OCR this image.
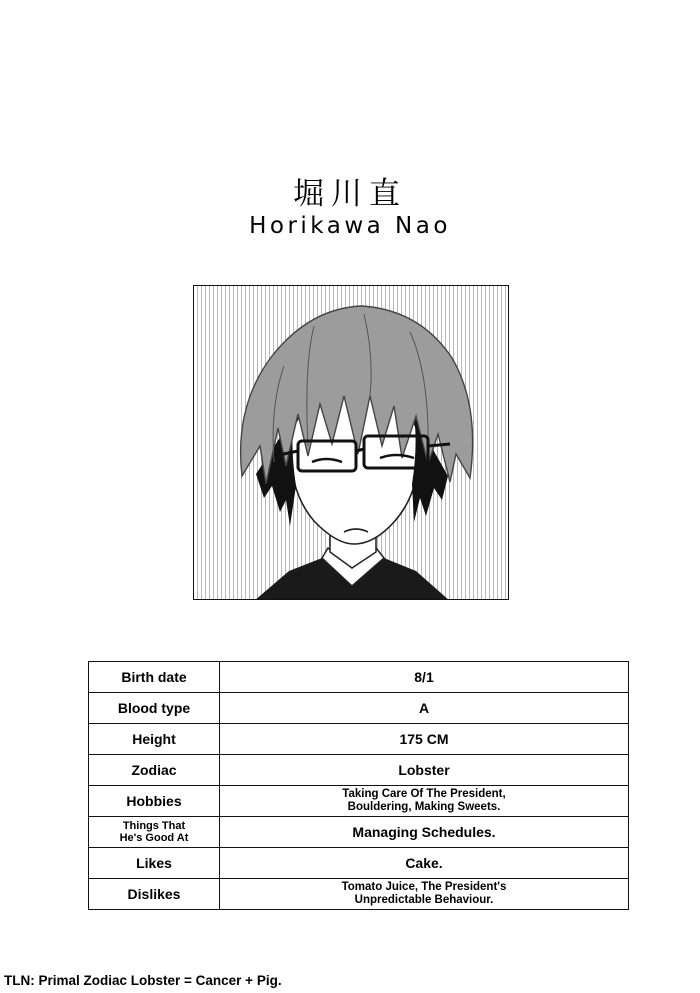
堀川直
Horikawa Nao
Birth date	8/1
Blood type	A
Height	175 CM
Zodiac	Lobster
Hobbies	Taking Care Of The President,
Bouldering, Making Sweets.
Things That
He's Good At	Managing Schedules.
Likes	Cake.
Dislikes	Tomato Juice, The President's
Unpredictable Behaviour.
TLN: Primal Zodiac Lobster = Cancer + Pig.
